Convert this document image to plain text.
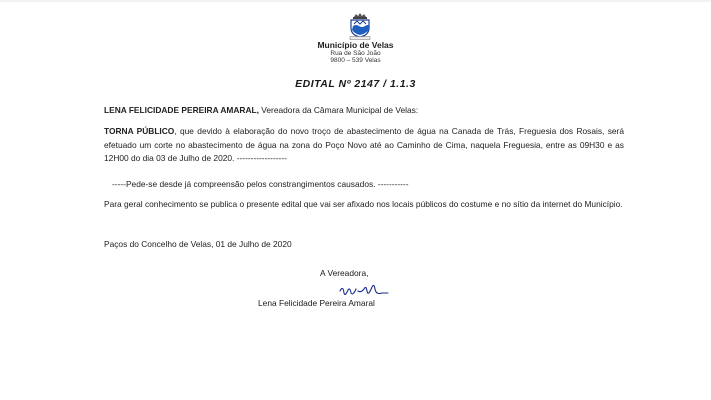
Município de Velas
Rua de São João
9800 – 539 Velas
EDITAL Nº 2147 / 1.1.3
LENA FELICIDADE PEREIRA AMARAL, Vereadora da Câmara Municipal de Velas:
TORNA PÚBLICO, que devido à elaboração do novo troço de abastecimento de água na Canada de Trás, Freguesia dos Rosais, será efetuado um corte no abastecimento de água na zona do Poço Novo até ao Caminho de Cima, naquela Freguesia, entre as 09H30 e as 12H00 do dia 03 de Julho de 2020. ------------------
-----Pede-se desde já compreensão pelos constrangimentos causados. -----------
Para geral conhecimento se publica o presente edital que vai ser afixado nos locais públicos do costume e no sítio da internet do Município.
Paços do Concelho de Velas, 01 de Julho de 2020
A Vereadora,
Lena Felicidade Pereira Amaral
